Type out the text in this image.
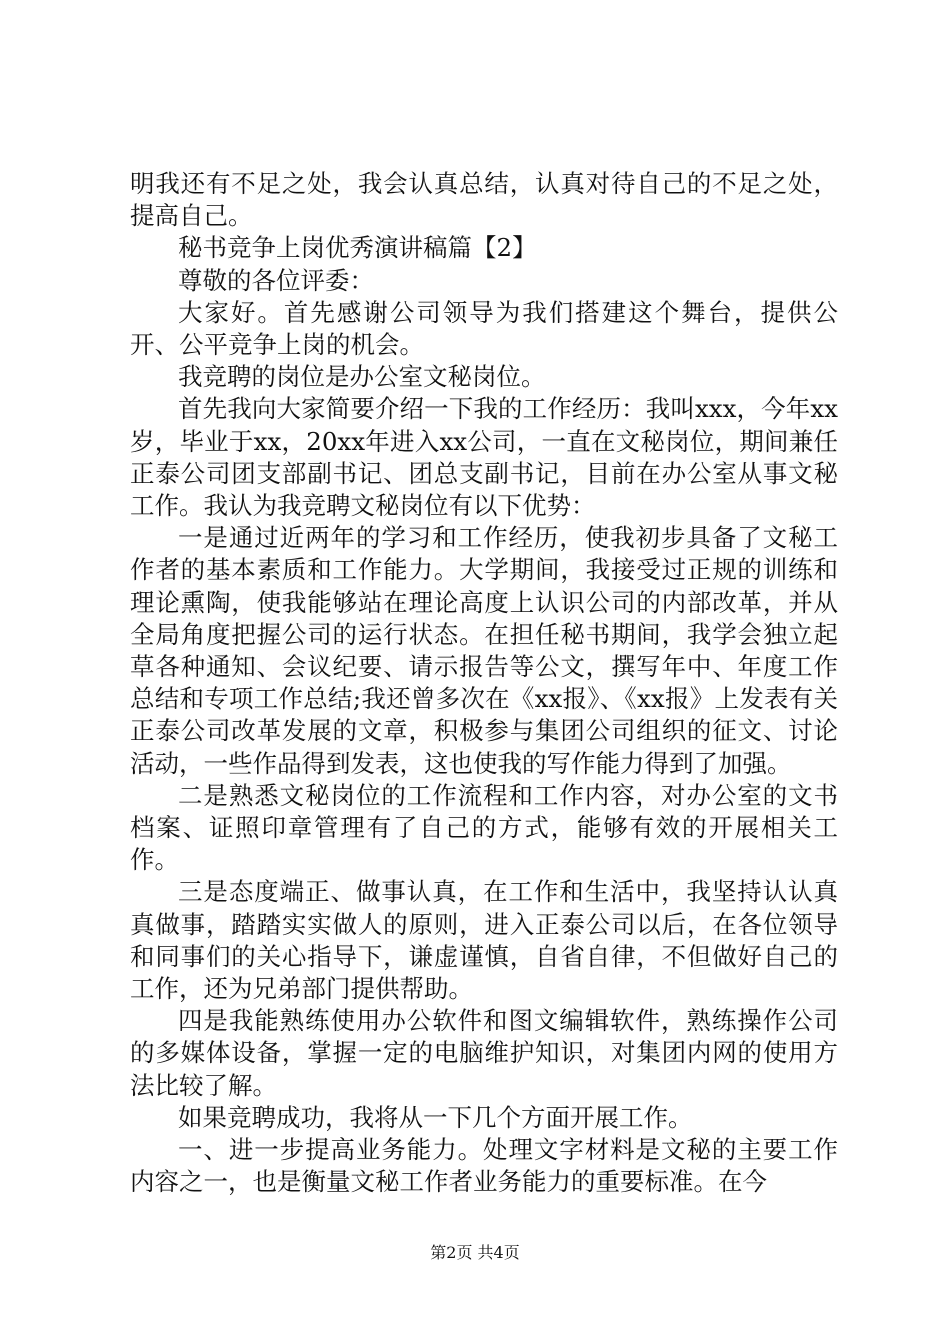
明我还有不足之处，我会认真总结，认真对待自己的不足之处，提高自己。

秘书竞争上岗优秀演讲稿篇【2】

尊敬的各位评委：

大家好。首先感谢公司领导为我们搭建这个舞台，提供公开、公平竞争上岗的机会。

我竞聘的岗位是办公室文秘岗位。

首先我向大家简要介绍一下我的工作经历：我叫xxx，今年xx岁，毕业于xx，20xx年进入xx公司，一直在文秘岗位，期间兼任正泰公司团支部副书记、团总支副书记，目前在办公室从事文秘工作。我认为我竞聘文秘岗位有以下优势：

一是通过近两年的学习和工作经历，使我初步具备了文秘工作者的基本素质和工作能力。大学期间，我接受过正规的训练和理论熏陶，使我能够站在理论高度上认识公司的内部改革，并从全局角度把握公司的运行状态。在担任秘书期间，我学会独立起草各种通知、会议纪要、请示报告等公文，撰写年中、年度工作总结和专项工作总结;我还曾多次在《xx报》、《xx报》上发表有关正泰公司改革发展的文章，积极参与集团公司组织的征文、讨论活动，一些作品得到发表，这也使我的写作能力得到了加强。

二是熟悉文秘岗位的工作流程和工作内容，对办公室的文书档案、证照印章管理有了自己的方式，能够有效的开展相关工作。

三是态度端正、做事认真，在工作和生活中，我坚持认认真真做事，踏踏实实做人的原则，进入正泰公司以后，在各位领导和同事们的关心指导下，谦虚谨慎，自省自律，不但做好自己的工作，还为兄弟部门提供帮助。

四是我能熟练使用办公软件和图文编辑软件，熟练操作公司的多媒体设备，掌握一定的电脑维护知识，对集团内网的使用方法比较了解。

如果竞聘成功，我将从一下几个方面开展工作。

一、进一步提高业务能力。处理文字材料是文秘的主要工作内容之一，也是衡量文秘工作者业务能力的重要标准。在今

第2页 共4页
